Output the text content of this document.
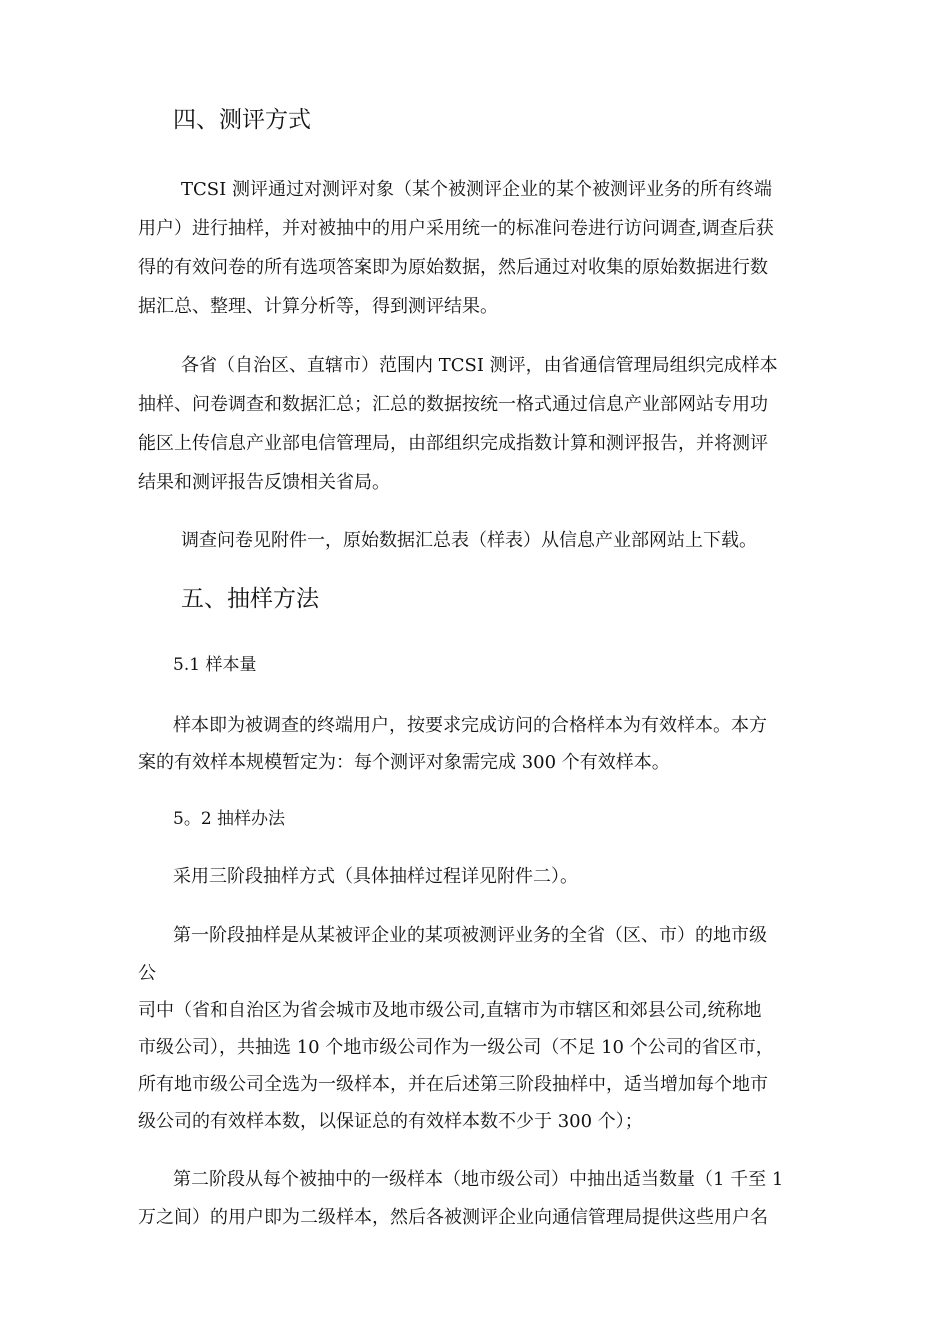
四、测评方式
TCSI 测评通过对测评对象（某个被测评企业的某个被测评业务的所有终端
用户）进行抽样，并对被抽中的用户采用统一的标准问卷进行访问调查,调查后获
得的有效问卷的所有选项答案即为原始数据，然后通过对收集的原始数据进行数
据汇总、整理、计算分析等，得到测评结果。
各省（自治区、直辖市）范围内 TCSI 测评，由省通信管理局组织完成样本
抽样、问卷调查和数据汇总；汇总的数据按统一格式通过信息产业部网站专用功
能区上传信息产业部电信管理局，由部组织完成指数计算和测评报告，并将测评
结果和测评报告反馈相关省局。
调查问卷见附件一，原始数据汇总表（样表）从信息产业部网站上下载。
五、抽样方法
5.1 样本量
样本即为被调查的终端用户，按要求完成访问的合格样本为有效样本。本方
案的有效样本规模暂定为：每个测评对象需完成 300 个有效样本。
5。2 抽样办法
采用三阶段抽样方式（具体抽样过程详见附件二）。
第一阶段抽样是从某被评企业的某项被测评业务的全省（区、市）的地市级
公
司中（省和自治区为省会城市及地市级公司,直辖市为市辖区和郊县公司,统称地
市级公司），共抽选 10 个地市级公司作为一级公司（不足 10 个公司的省区市，
所有地市级公司全选为一级样本，并在后述第三阶段抽样中，适当增加每个地市
级公司的有效样本数，以保证总的有效样本数不少于 300 个）；
第二阶段从每个被抽中的一级样本（地市级公司）中抽出适当数量（1 千至 1
万之间）的用户即为二级样本，然后各被测评企业向通信管理局提供这些用户名
